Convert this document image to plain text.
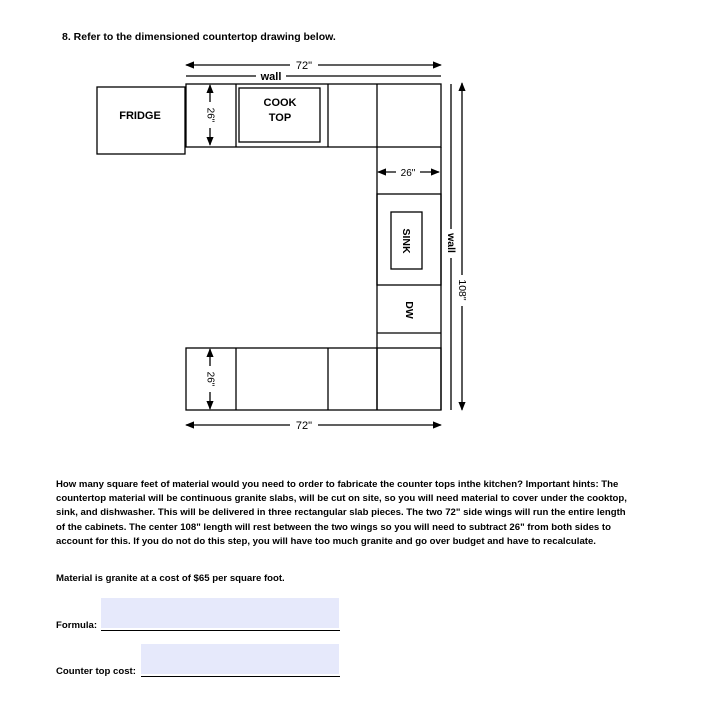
8. Refer to the dimensioned countertop drawing below.
72"
wall
FRIDGE
COOK
TOP
26"
SINK
DW
26"
wall
108"
26"
72"
How many square feet of material would you need to order to fabricate the counter tops inthe kitchen? Important hints: The countertop material will be continuous granite slabs, will be cut on site, so you will need material to cover under the cooktop, sink, and dishwasher. This will be delivered in three rectangular slab pieces. The two 72" side wings will run the entire length of the cabinets. The center 108" length will rest between the two wings so you will need to subtract 26" from both sides to account for this. If you do not do this step, you will have too much granite and go over budget and have to recalculate.
Material is granite at a cost of $65 per square foot.
Formula:
Counter top cost:
